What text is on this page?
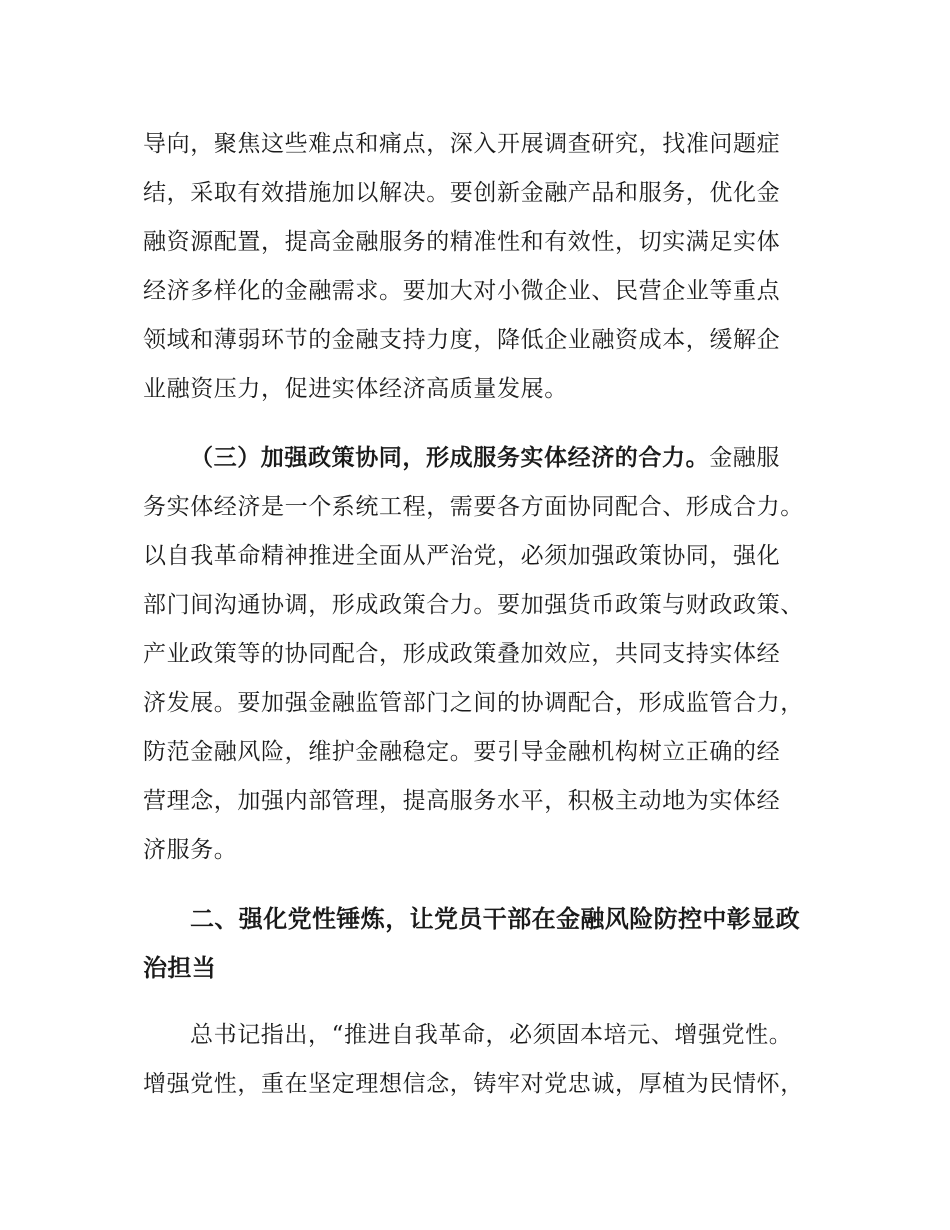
导向，聚焦这些难点和痛点，深入开展调查研究，找准问题症
结，采取有效措施加以解决。要创新金融产品和服务，优化金
融资源配置，提高金融服务的精准性和有效性，切实满足实体
经济多样化的金融需求。要加大对小微企业、民营企业等重点
领域和薄弱环节的金融支持力度，降低企业融资成本，缓解企
业融资压力，促进实体经济高质量发展。
（三）加强政策协同，形成服务实体经济的合力。金融服
务实体经济是一个系统工程，需要各方面协同配合、形成合力。
以自我革命精神推进全面从严治党，必须加强政策协同，强化
部门间沟通协调，形成政策合力。要加强货币政策与财政政策、
产业政策等的协同配合，形成政策叠加效应，共同支持实体经
济发展。要加强金融监管部门之间的协调配合，形成监管合力，
防范金融风险，维护金融稳定。要引导金融机构树立正确的经
营理念，加强内部管理，提高服务水平，积极主动地为实体经
济服务。
二、强化党性锤炼，让党员干部在金融风险防控中彰显政
治担当
总书记指出，“推进自我革命，必须固本培元、增强党性。
增强党性，重在坚定理想信念，铸牢对党忠诚，厚植为民情怀，
